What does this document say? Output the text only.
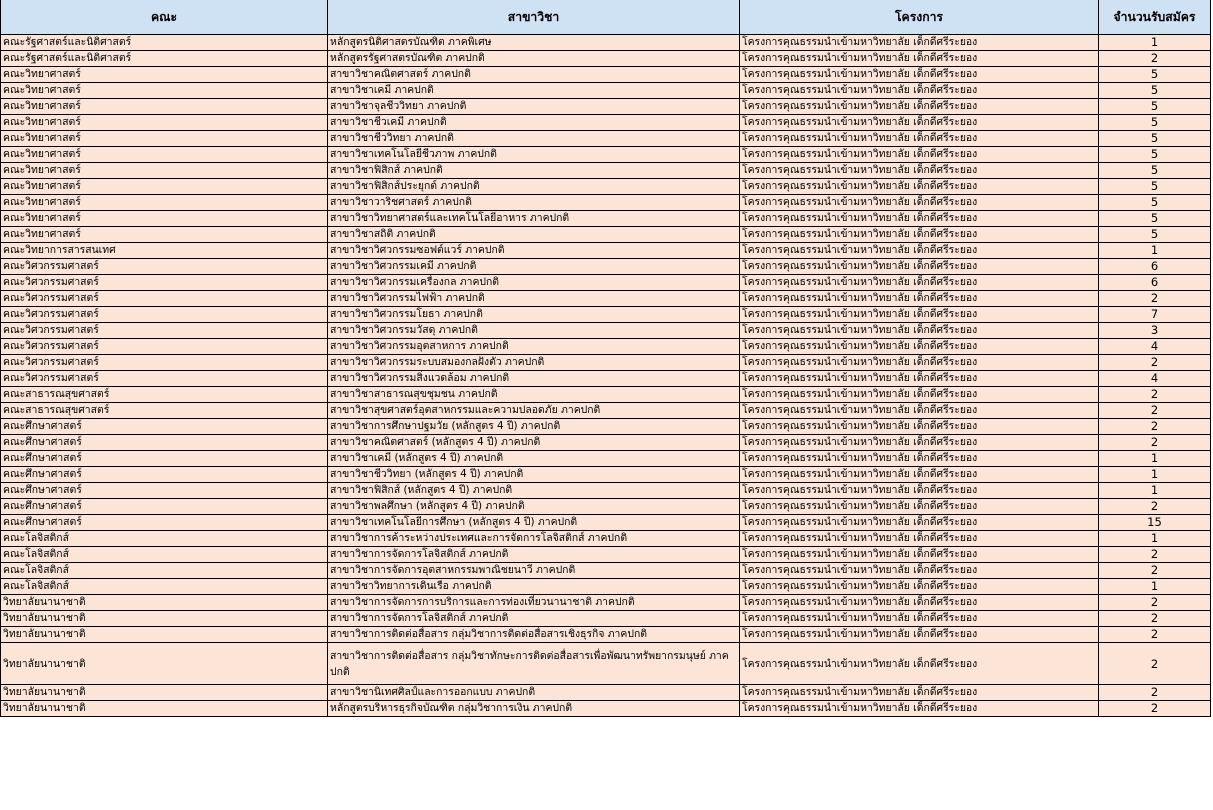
คณะ	สาขาวิชา	โครงการ	จำนวนรับสมัคร
คณะรัฐศาสตร์และนิติศาสตร์	หลักสูตรนิติศาสตรบัณฑิต ภาคพิเศษ	โครงการคุณธรรมนำเข้ามหาวิทยาลัย เด็กดีศรีระยอง	1
คณะรัฐศาสตร์และนิติศาสตร์	หลักสูตรรัฐศาสตรบัณฑิต ภาคปกติ	โครงการคุณธรรมนำเข้ามหาวิทยาลัย เด็กดีศรีระยอง	2
คณะวิทยาศาสตร์	สาขาวิชาคณิตศาสตร์ ภาคปกติ	โครงการคุณธรรมนำเข้ามหาวิทยาลัย เด็กดีศรีระยอง	5
คณะวิทยาศาสตร์	สาขาวิชาเคมี ภาคปกติ	โครงการคุณธรรมนำเข้ามหาวิทยาลัย เด็กดีศรีระยอง	5
คณะวิทยาศาสตร์	สาขาวิชาจุลชีววิทยา ภาคปกติ	โครงการคุณธรรมนำเข้ามหาวิทยาลัย เด็กดีศรีระยอง	5
คณะวิทยาศาสตร์	สาขาวิชาชีวเคมี ภาคปกติ	โครงการคุณธรรมนำเข้ามหาวิทยาลัย เด็กดีศรีระยอง	5
คณะวิทยาศาสตร์	สาขาวิชาชีววิทยา ภาคปกติ	โครงการคุณธรรมนำเข้ามหาวิทยาลัย เด็กดีศรีระยอง	5
คณะวิทยาศาสตร์	สาขาวิชาเทคโนโลยีชีวภาพ ภาคปกติ	โครงการคุณธรรมนำเข้ามหาวิทยาลัย เด็กดีศรีระยอง	5
คณะวิทยาศาสตร์	สาขาวิชาฟิสิกส์ ภาคปกติ	โครงการคุณธรรมนำเข้ามหาวิทยาลัย เด็กดีศรีระยอง	5
คณะวิทยาศาสตร์	สาขาวิชาฟิสิกส์ประยุกต์ ภาคปกติ	โครงการคุณธรรมนำเข้ามหาวิทยาลัย เด็กดีศรีระยอง	5
คณะวิทยาศาสตร์	สาขาวิชาวาริชศาสตร์ ภาคปกติ	โครงการคุณธรรมนำเข้ามหาวิทยาลัย เด็กดีศรีระยอง	5
คณะวิทยาศาสตร์	สาขาวิชาวิทยาศาสตร์และเทคโนโลยีอาหาร ภาคปกติ	โครงการคุณธรรมนำเข้ามหาวิทยาลัย เด็กดีศรีระยอง	5
คณะวิทยาศาสตร์	สาขาวิชาสถิติ ภาคปกติ	โครงการคุณธรรมนำเข้ามหาวิทยาลัย เด็กดีศรีระยอง	5
คณะวิทยาการสารสนเทศ	สาขาวิชาวิศวกรรมซอฟต์แวร์ ภาคปกติ	โครงการคุณธรรมนำเข้ามหาวิทยาลัย เด็กดีศรีระยอง	1
คณะวิศวกรรมศาสตร์	สาขาวิชาวิศวกรรมเคมี ภาคปกติ	โครงการคุณธรรมนำเข้ามหาวิทยาลัย เด็กดีศรีระยอง	6
คณะวิศวกรรมศาสตร์	สาขาวิชาวิศวกรรมเครื่องกล ภาคปกติ	โครงการคุณธรรมนำเข้ามหาวิทยาลัย เด็กดีศรีระยอง	6
คณะวิศวกรรมศาสตร์	สาขาวิชาวิศวกรรมไฟฟ้า ภาคปกติ	โครงการคุณธรรมนำเข้ามหาวิทยาลัย เด็กดีศรีระยอง	2
คณะวิศวกรรมศาสตร์	สาขาวิชาวิศวกรรมโยธา ภาคปกติ	โครงการคุณธรรมนำเข้ามหาวิทยาลัย เด็กดีศรีระยอง	7
คณะวิศวกรรมศาสตร์	สาขาวิชาวิศวกรรมวัสดุ ภาคปกติ	โครงการคุณธรรมนำเข้ามหาวิทยาลัย เด็กดีศรีระยอง	3
คณะวิศวกรรมศาสตร์	สาขาวิชาวิศวกรรมอุตสาหการ ภาคปกติ	โครงการคุณธรรมนำเข้ามหาวิทยาลัย เด็กดีศรีระยอง	4
คณะวิศวกรรมศาสตร์	สาขาวิชาวิศวกรรมระบบสมองกลฝังตัว ภาคปกติ	โครงการคุณธรรมนำเข้ามหาวิทยาลัย เด็กดีศรีระยอง	2
คณะวิศวกรรมศาสตร์	สาขาวิชาวิศวกรรมสิ่งแวดล้อม ภาคปกติ	โครงการคุณธรรมนำเข้ามหาวิทยาลัย เด็กดีศรีระยอง	4
คณะสาธารณสุขศาสตร์	สาขาวิชาสาธารณสุขชุมชน ภาคปกติ	โครงการคุณธรรมนำเข้ามหาวิทยาลัย เด็กดีศรีระยอง	2
คณะสาธารณสุขศาสตร์	สาขาวิชาสุขศาสตร์อุตสาหกรรมและความปลอดภัย ภาคปกติ	โครงการคุณธรรมนำเข้ามหาวิทยาลัย เด็กดีศรีระยอง	2
คณะศึกษาศาสตร์	สาขาวิชาการศึกษาปฐมวัย (หลักสูตร 4 ปี) ภาคปกติ	โครงการคุณธรรมนำเข้ามหาวิทยาลัย เด็กดีศรีระยอง	2
คณะศึกษาศาสตร์	สาขาวิชาคณิตศาสตร์ (หลักสูตร 4 ปี) ภาคปกติ	โครงการคุณธรรมนำเข้ามหาวิทยาลัย เด็กดีศรีระยอง	2
คณะศึกษาศาสตร์	สาขาวิชาเคมี (หลักสูตร 4 ปี) ภาคปกติ	โครงการคุณธรรมนำเข้ามหาวิทยาลัย เด็กดีศรีระยอง	1
คณะศึกษาศาสตร์	สาขาวิชาชีววิทยา (หลักสูตร 4 ปี) ภาคปกติ	โครงการคุณธรรมนำเข้ามหาวิทยาลัย เด็กดีศรีระยอง	1
คณะศึกษาศาสตร์	สาขาวิชาฟิสิกส์ (หลักสูตร 4 ปี) ภาคปกติ	โครงการคุณธรรมนำเข้ามหาวิทยาลัย เด็กดีศรีระยอง	1
คณะศึกษาศาสตร์	สาขาวิชาพลศึกษา (หลักสูตร 4 ปี) ภาคปกติ	โครงการคุณธรรมนำเข้ามหาวิทยาลัย เด็กดีศรีระยอง	2
คณะศึกษาศาสตร์	สาขาวิชาเทคโนโลยีการศึกษา (หลักสูตร 4 ปี) ภาคปกติ	โครงการคุณธรรมนำเข้ามหาวิทยาลัย เด็กดีศรีระยอง	15
คณะโลจิสติกส์	สาขาวิชาการค้าระหว่างประเทศและการจัดการโลจิสติกส์ ภาคปกติ	โครงการคุณธรรมนำเข้ามหาวิทยาลัย เด็กดีศรีระยอง	1
คณะโลจิสติกส์	สาขาวิชาการจัดการโลจิสติกส์ ภาคปกติ	โครงการคุณธรรมนำเข้ามหาวิทยาลัย เด็กดีศรีระยอง	2
คณะโลจิสติกส์	สาขาวิชาการจัดการอุตสาหกรรมพาณิชยนาวี ภาคปกติ	โครงการคุณธรรมนำเข้ามหาวิทยาลัย เด็กดีศรีระยอง	2
คณะโลจิสติกส์	สาขาวิชาวิทยาการเดินเรือ ภาคปกติ	โครงการคุณธรรมนำเข้ามหาวิทยาลัย เด็กดีศรีระยอง	1
วิทยาลัยนานาชาติ	สาขาวิชาการจัดการการบริการและการท่องเที่ยวนานาชาติ ภาคปกติ	โครงการคุณธรรมนำเข้ามหาวิทยาลัย เด็กดีศรีระยอง	2
วิทยาลัยนานาชาติ	สาขาวิชาการจัดการโลจิสติกส์ ภาคปกติ	โครงการคุณธรรมนำเข้ามหาวิทยาลัย เด็กดีศรีระยอง	2
วิทยาลัยนานาชาติ	สาขาวิชาการติดต่อสื่อสาร กลุ่มวิชาการติดต่อสื่อสารเชิงธุรกิจ ภาคปกติ	โครงการคุณธรรมนำเข้ามหาวิทยาลัย เด็กดีศรีระยอง	2
วิทยาลัยนานาชาติ	สาขาวิชาการติดต่อสื่อสาร กลุ่มวิชาทักษะการติดต่อสื่อสารเพื่อพัฒนาทรัพยากรมนุษย์ ภาคปกติ	โครงการคุณธรรมนำเข้ามหาวิทยาลัย เด็กดีศรีระยอง	2
วิทยาลัยนานาชาติ	สาขาวิชานิเทศศิลป์และการออกแบบ ภาคปกติ	โครงการคุณธรรมนำเข้ามหาวิทยาลัย เด็กดีศรีระยอง	2
วิทยาลัยนานาชาติ	หลักสูตรบริหารธุรกิจบัณฑิต กลุ่มวิชาการเงิน ภาคปกติ	โครงการคุณธรรมนำเข้ามหาวิทยาลัย เด็กดีศรีระยอง	2
